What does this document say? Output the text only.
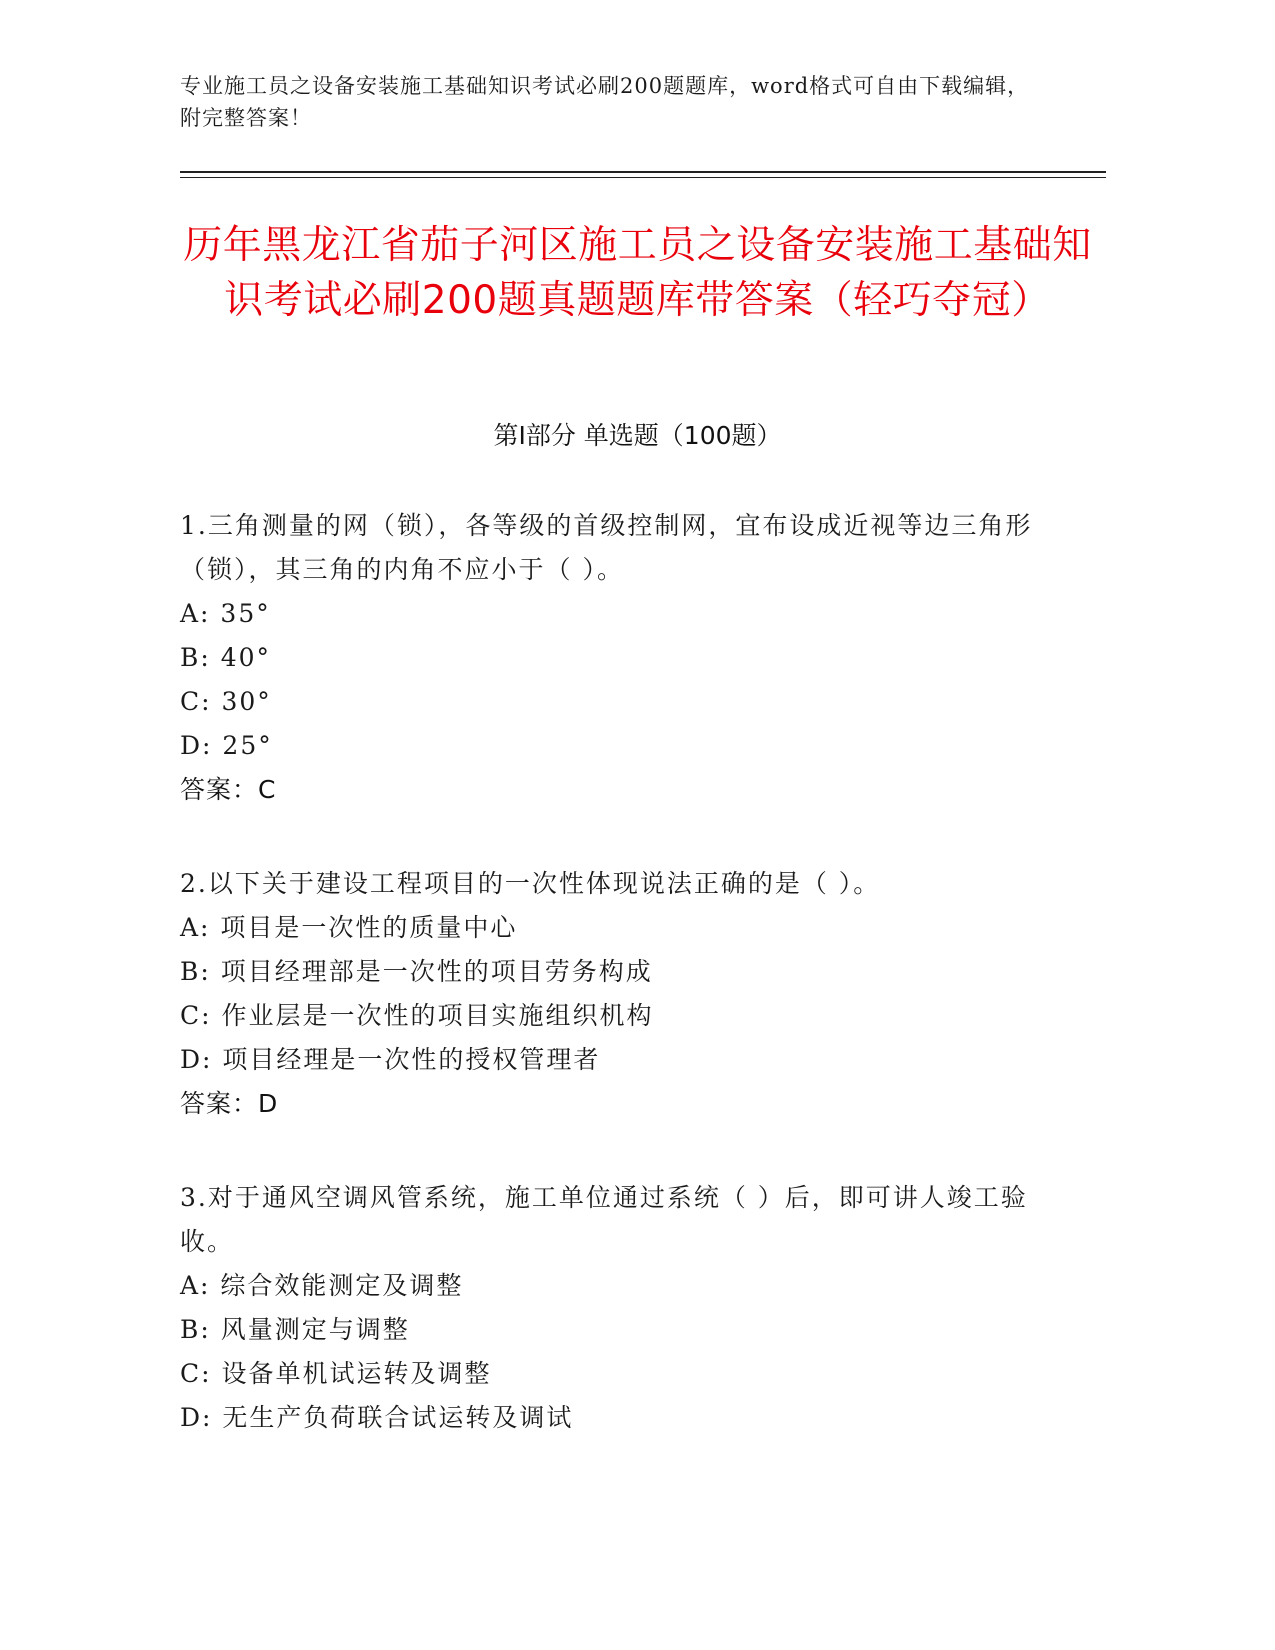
专业施工员之设备安装施工基础知识考试必刷200题题库，word格式可自由下载编辑，附完整答案！
历年黑龙江省茄子河区施工员之设备安装施工基础知识考试必刷200题真题题库带答案（轻巧夺冠）
第Ⅰ部分 单选题（100题）

1.三角测量的网（锁），各等级的首级控制网，宜布设成近视等边三角形（锁），其三角的内角不应小于（ ）。

A: 35°

B: 40°

C: 30°

D: 25°

答案：C

2.以下关于建设工程项目的一次性体现说法正确的是（ ）。

A: 项目是一次性的质量中心

B: 项目经理部是一次性的项目劳务构成

C: 作业层是一次性的项目实施组织机构

D: 项目经理是一次性的授权管理者

答案：D

3.对于通风空调风管系统，施工单位通过系统（ ）后，即可讲人竣工验收。

A: 综合效能测定及调整

B: 风量测定与调整

C: 设备单机试运转及调整

D: 无生产负荷联合试运转及调试
